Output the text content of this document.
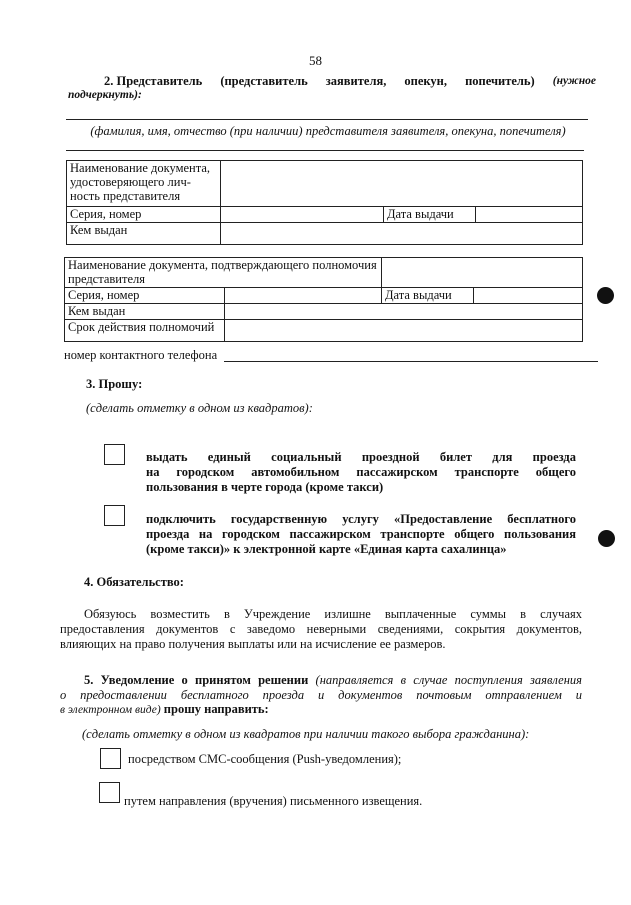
58
2. Представитель (представитель заявителя, опекун, попечитель) (нужное
подчеркнуть):
(фамилия, имя, отчество (при наличии) представителя заявителя, опекуна, попечителя)
Наименование документа, удостоверяющего лич-ность представителя			
Серия, номер		Дата выдачи	
Кем выдан			
Наименование документа, подтверждающего полномочия представителя			
Серия, номер		Дата выдачи	
Кем выдан			
Срок действия полномочий			
номер контактного телефона
3. Прошу:
(сделать отметку в одном из квадратов):
выдать единый социальный проездной билет для проезда
на городском автомобильном пассажирском транспорте общего
пользования в черте города (кроме такси)
подключить государственную услугу «Предоставление бесплатного
проезда на городском пассажирском транспорте общего пользования
(кроме такси)» к электронной карте «Единая карта сахалинца»
4. Обязательство:
Обязуюсь возместить в Учреждение излишне выплаченные суммы в случаях
предоставления документов с заведомо неверными сведениями, сокрытия документов,
влияющих на право получения выплаты или на исчисление ее размеров.
5. Уведомление о принятом решении (направляется в случае поступления заявления
о предоставлении бесплатного проезда и документов почтовым отправлением и
в электронном виде) прошу направить:
(сделать отметку в одном из квадратов при наличии такого выбора гражданина):
посредством СМС-сообщения (Push-уведомления);
путем направления (вручения) письменного извещения.
